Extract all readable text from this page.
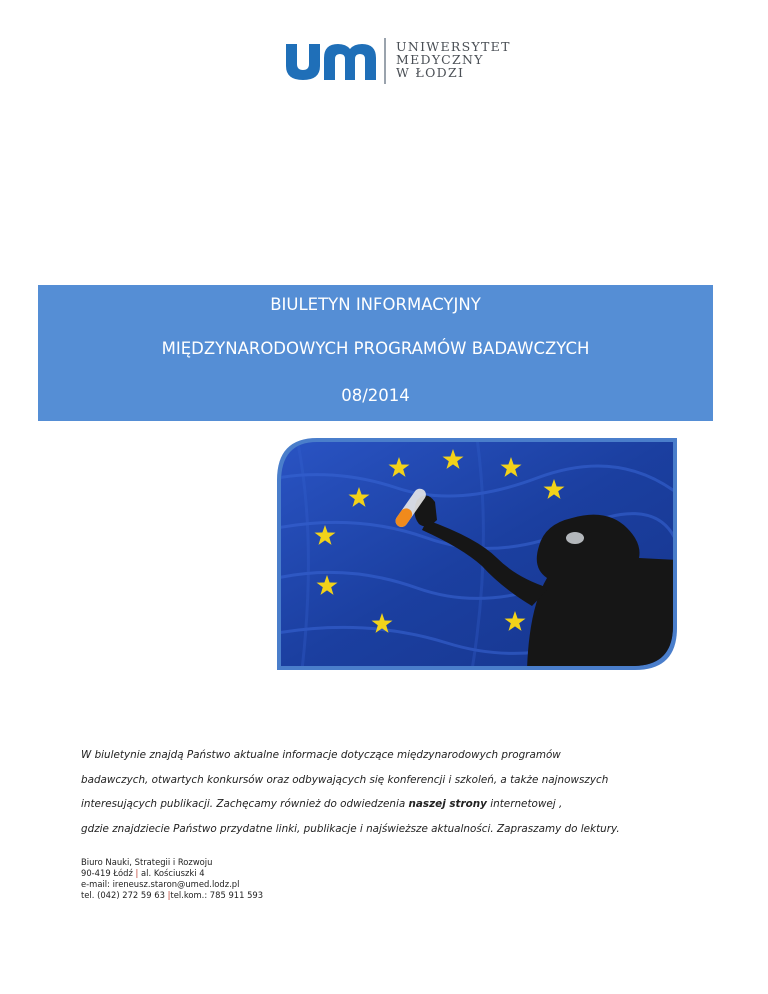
UNIWERSYTET
MEDYCZNY
W ŁODZI
BIULETYN INFORMACYJNY
MIĘDZYNARODOWYCH PROGRAMÓW BADAWCZYCH
08/2014

W biuletynie znajdą Państwo aktualne informacje dotyczące międzynarodowych programów

badawczych, otwartych konkursów oraz odbywających się konferencji i szkoleń, a także najnowszych

interesujących publikacji. Zachęcamy również do odwiedzenia naszej strony internetowej ,

gdzie znajdziecie Państwo przydatne linki, publikacje i najświeższe aktualności. Zapraszamy do lektury.

Biuro Nauki, Strategii i Rozwoju
90-419 Łódź | al. Kościuszki 4
e-mail: ireneusz.staron@umed.lodz.pl
tel. (042) 272 59 63 |tel.kom.: 785 911 593
